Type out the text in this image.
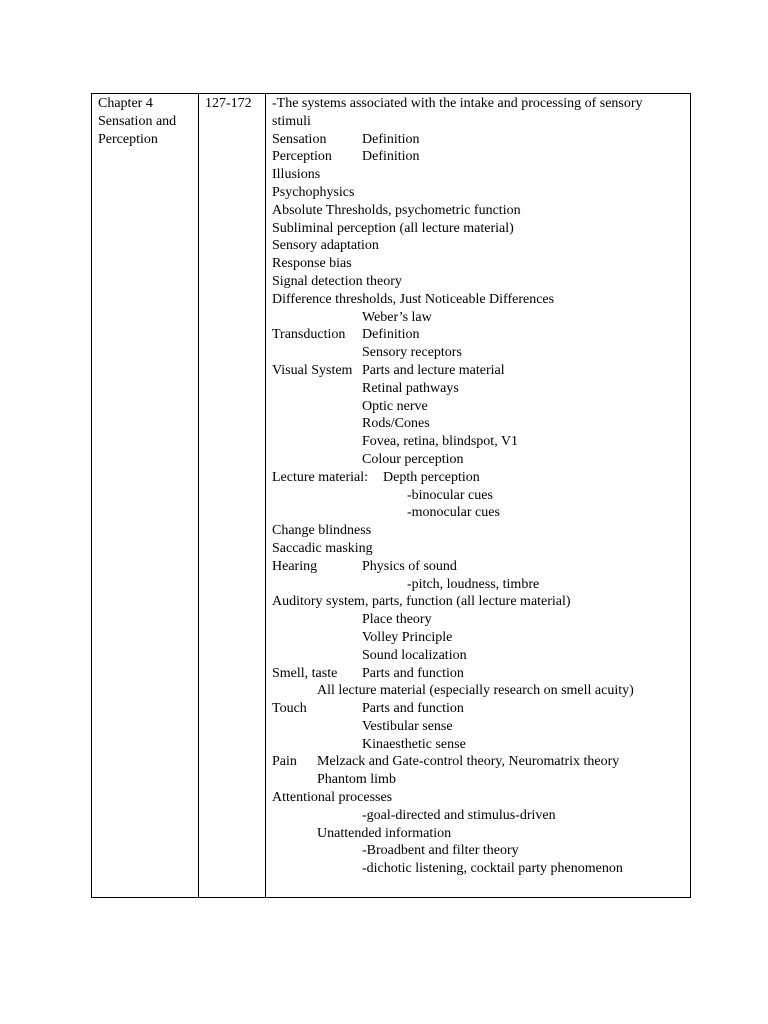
Chapter 4 Sensation and Perception

127-172	-The systems associated with the intake and processing of sensory stimuli
Sensation	Definition
Perception Definition
Illusions
Psychophysics
Absolute Thresholds, psychometric function
Subliminal perception (all lecture material)
Sensory adaptation
Response bias
Signal detection theory
Difference thresholds, Just Noticeable Differences
Weber’s law
Transduction Definition
Sensory receptors
Visual System Parts and lecture material
Retinal pathways
Optic nerve
Rods/Cones
Fovea, retina, blindspot, V1
Colour perception
Lecture material: Depth perception
-binocular cues
-monocular cues
Change blindness
Saccadic masking
Hearing	Physics of sound
-pitch, loudness, timbre
Auditory system, parts, function (all lecture material)
Place theory
Volley Principle
Sound localization
Smell, taste Parts and function
All lecture material (especially research on smell acuity)
Touch	Parts and function
Vestibular sense
Kinaesthetic sense
Pain Melzack and Gate-control theory, Neuromatrix theory
Phantom limb
Attentional processes
-goal-directed and stimulus-driven
Unattended information
-Broadbent and filter theory
-dichotic listening, cocktail party phenomenon
